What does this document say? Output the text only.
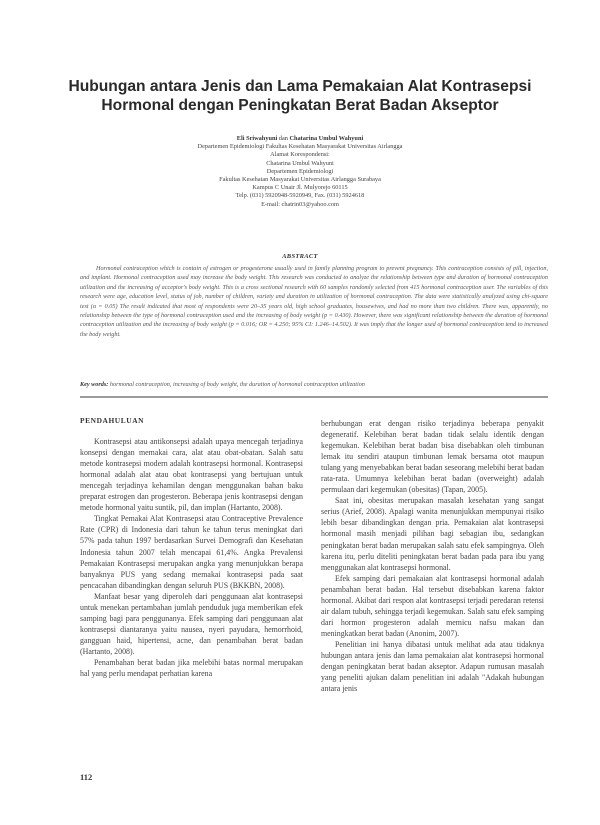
Hubungan antara Jenis dan Lama Pemakaian Alat Kontrasepsi
Hormonal dengan Peningkatan Berat Badan Akseptor
Eli Sriwahyuni dan Chatarina Umbul Wahyuni
Departemen Epidemiologi Fakultas Kesehatan Masyarakat Universitas Airlangga
Alamat Korespondensi:
Chatarina Umbul Wahyuni
Departemen Epidemiologi
Fakultas Kesehatan Masyarakat Universitas Airlangga Surabaya
Kampus C Unair Jl. Mulyorejo 60115
Telp. (031) 5920948-5920949, Fax. (031) 5924618
E-mail: chatrin03@yahoo.com
ABSTRACT
Hormonal contraception which is contain of estrogen or progesterone usually used in family planning program to prevent pregnancy. This contraception consists of pill, injection, and implant. Hormonal contraception used may increase the body weight. This research was conducted to analyze the relationship between type and duration of hormonal contraception utilization and the increasing of acceptor's body weight. This is a cross sectional research with 60 samples randomly selected from 415 hormonal contraception user. The variables of this research were age, education level, status of job, number of children, variety and duration in utilization of hormonal contraception. The data were statistically analyzed using chi-square test (α = 0.05) The result indicated that most of respondents were 20–35 years old, high school graduates, housewives, and had no more than two children. There was, apparently, no relationship between the type of hormonal contraception used and the increasing of body weight (p = 0.430). However, there was significant relationship between the duration of hormonal contraception utilization and the increasing of body weight (p = 0.016; OR = 4.250; 95% CI: 1.246–14.502). It was imply that the longer used of hormonal contraception tend to increased the body weight.
Key words: hormonal contraception, increasing of body weight, the duration of hormonal contraception utilization
PENDAHULUAN

Kontrasepsi atau antikonsepsi adalah upaya mencegah terjadinya konsepsi dengan memakai cara, alat atau obat-obatan. Salah satu metode kontrasepsi modern adalah kontrasepsi hormonal. Kontrasepsi hormonal adalah alat atau obat kontrasepsi yang bertujuan untuk mencegah terjadinya kehamilan dengan menggunakan bahan baku preparat estrogen dan progesteron. Beberapa jenis kontrasepsi dengan metode hormonal yaitu suntik, pil, dan implan (Hartanto, 2008).

Tingkat Pemakai Alat Kontrasepsi atau Contraceptive Prevalence Rate (CPR) di Indonesia dari tahun ke tahun terus meningkat dari 57% pada tahun 1997 berdasarkan Survei Demografi dan Kesehatan Indonesia tahun 2007 telah mencapai 61,4%. Angka Prevalensi Pemakaian Kontrasepsi merupakan angka yang menunjukkan berapa banyaknya PUS yang sedang memakai kontrasepsi pada saat pencacahan dibandingkan dengan seluruh PUS (BKKBN, 2008).

Manfaat besar yang diperoleh dari penggunaan alat kontrasepsi untuk menekan pertambahan jumlah penduduk juga memberikan efek samping bagi para penggunanya. Efek samping dari penggunaan alat kontrasepsi diantaranya yaitu nausea, nyeri payudara, hemorrhoid, gangguan haid, hipertensi, acne, dan penambahan berat badan (Hartanto, 2008).

Penambahan berat badan jika melebihi batas normal merupakan hal yang perlu mendapat perhatian karena

berhubungan erat dengan risiko terjadinya beberapa penyakit degeneratif. Kelebihan berat badan tidak selalu identik dengan kegemukan. Kelebihan berat badan bisa disebabkan oleh timbunan lemak itu sendiri ataupun timbunan lemak bersama otot maupun tulang yang menyebabkan berat badan seseorang melebihi berat badan rata-rata. Umumnya kelebihan berat badan (overweight) adalah permulaan dari kegemukan (obesitas) (Tapan, 2005).

Saat ini, obesitas merupakan masalah kesehatan yang sangat serius (Arief, 2008). Apalagi wanita menunjukkan mempunyai risiko lebih besar dibandingkan dengan pria. Pemakaian alat kontrasepsi hormonal masih menjadi pilihan bagi sebagian ibu, sedangkan peningkatan berat badan merupakan salah satu efek sampingnya. Oleh karena itu, perlu diteliti peningkatan berat badan pada para ibu yang menggunakan alat kontrasepsi hormonal.

Efek samping dari pemakaian alat kontrasepsi hormonal adalah penambahan berat badan. Hal tersebut disebabkan karena faktor hormonal. Akibat dari respon alat kontrasepsi terjadi peredaran retensi air dalam tubuh, sehingga terjadi kegemukan. Salah satu efek samping dari hormon progesteron adalah memicu nafsu makan dan meningkatkan berat badan (Anonim, 2007).

Penelitian ini hanya dibatasi untuk melihat ada atau tidaknya hubungan antara jenis dan lama pemakaian alat kontrasepsi hormonal dengan peningkatan berat badan akseptor. Adapun rumusan masalah yang peneliti ajukan dalam penelitian ini adalah "Adakah hubungan antara jenis

112
